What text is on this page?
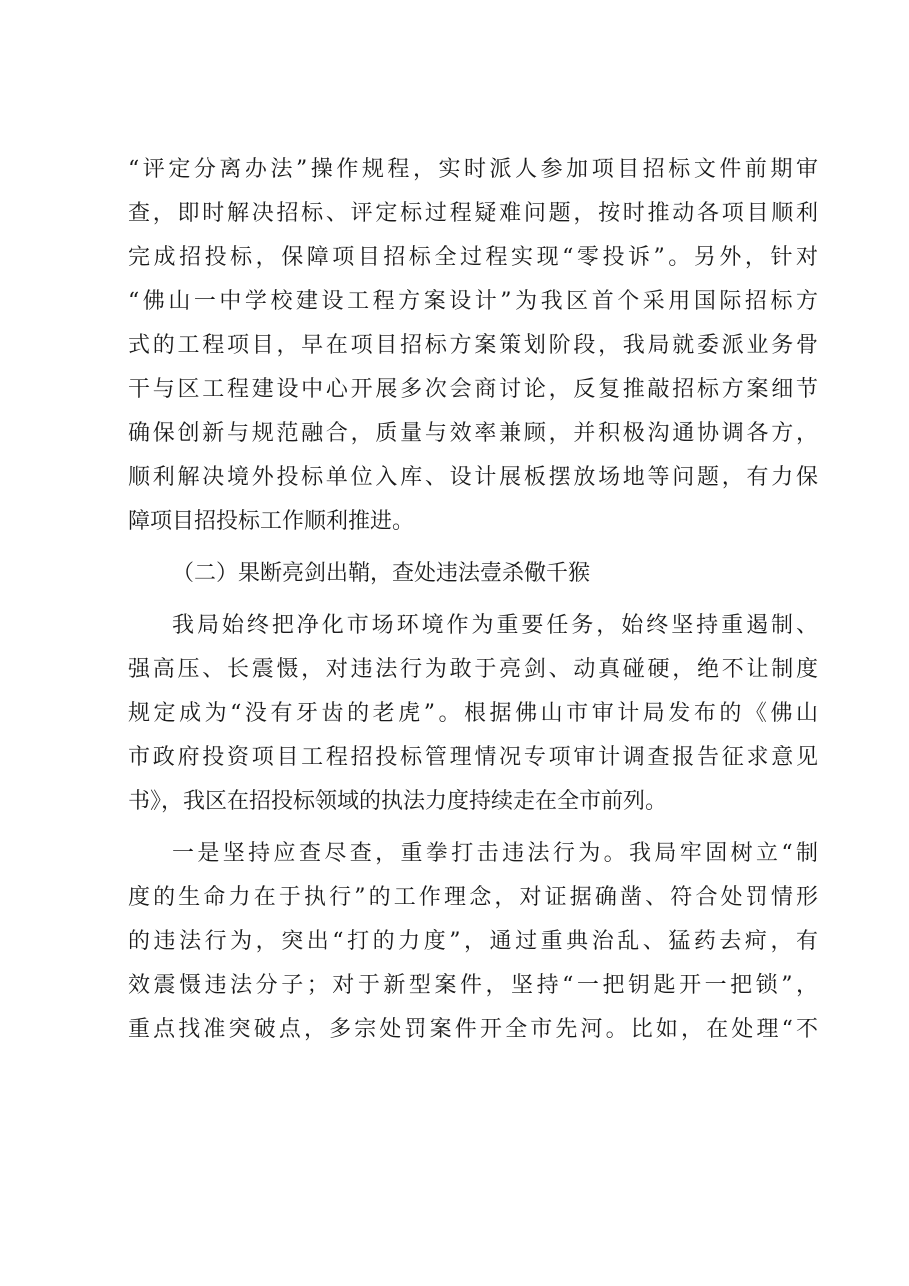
“评定分离办法”操作规程，实时派人参加项目招标文件前期审
查，即时解决招标、评定标过程疑难问题，按时推动各项目顺利
完成招投标，保障项目招标全过程实现“零投诉”。另外，针对
“佛山一中学校建设工程方案设计”为我区首个采用国际招标方
式的工程项目，早在项目招标方案策划阶段，我局就委派业务骨
干与区工程建设中心开展多次会商讨论，反复推敲招标方案细节
确保创新与规范融合，质量与效率兼顾，并积极沟通协调各方，
顺利解决境外投标单位入库、设计展板摆放场地等问题，有力保
障项目招投标工作顺利推进。
（二）果断亮剑出鞘，查处违法壹杀儆千猴
我局始终把净化市场环境作为重要任务，始终坚持重遏制、
强高压、长震慑，对违法行为敢于亮剑、动真碰硬，绝不让制度
规定成为“没有牙齿的老虎”。根据佛山市审计局发布的《佛山
市政府投资项目工程招投标管理情况专项审计调查报告征求意见
书》，我区在招投标领域的执法力度持续走在全市前列。
一是坚持应查尽查，重拳打击违法行为。我局牢固树立“制
度的生命力在于执行”的工作理念，对证据确凿、符合处罚情形
的违法行为，突出“打的力度”，通过重典治乱、猛药去疴，有
效震慑违法分子；对于新型案件，坚持“一把钥匙开一把锁”，
重点找准突破点，多宗处罚案件开全市先河。比如，在处理“不
